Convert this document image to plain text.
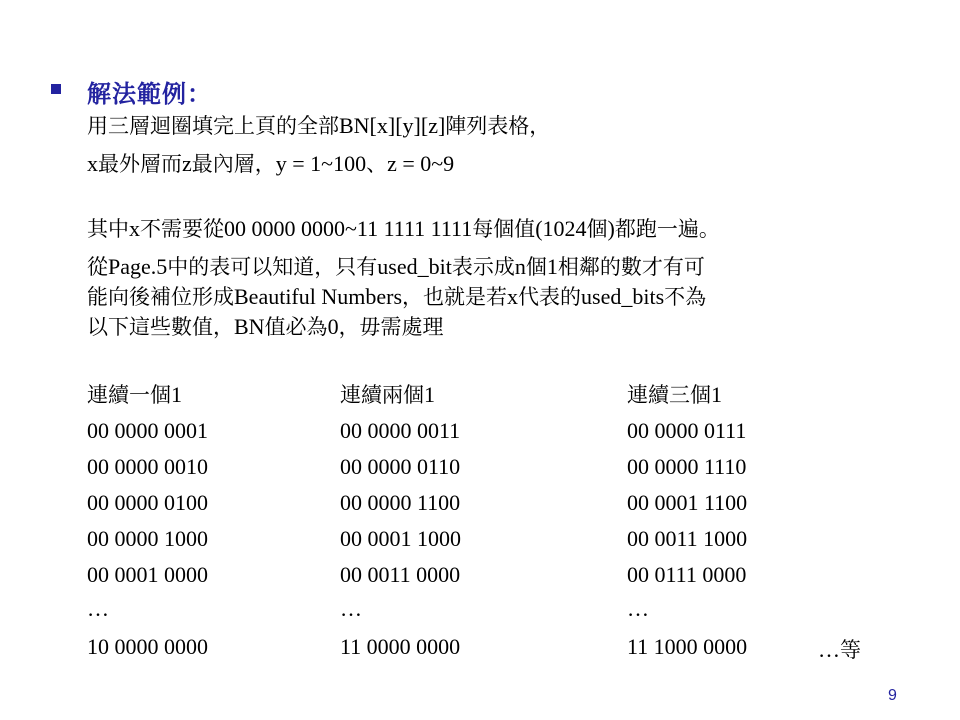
解法範例：
用三層迴圈填完上頁的全部BN[x][y][z]陣列表格，
x最外層而z最內層，y = 1~100、z = 0~9
其中x不需要從00 0000 0000~11 1111 1111每個值(1024個)都跑一遍。
從Page.5中的表可以知道，只有used_bit表示成n個1相鄰的數才有可
能向後補位形成Beautiful Numbers，也就是若x代表的used_bits不為
以下這些數值，BN值必為0，毋需處理
連續一個1	連續兩個1	連續三個1
00 0000 0001	00 0000 0011	00 0000 0111
00 0000 0010	00 0000 0110	00 0000 1110
00 0000 0100	00 0000 1100	00 0001 1100
00 0000 1000	00 0001 1000	00 0011 1000
00 0001 0000	00 0011 0000	00 0111 0000
…	…	…
10 0000 0000	11 0000 0000	11 1000 0000	…等
9
